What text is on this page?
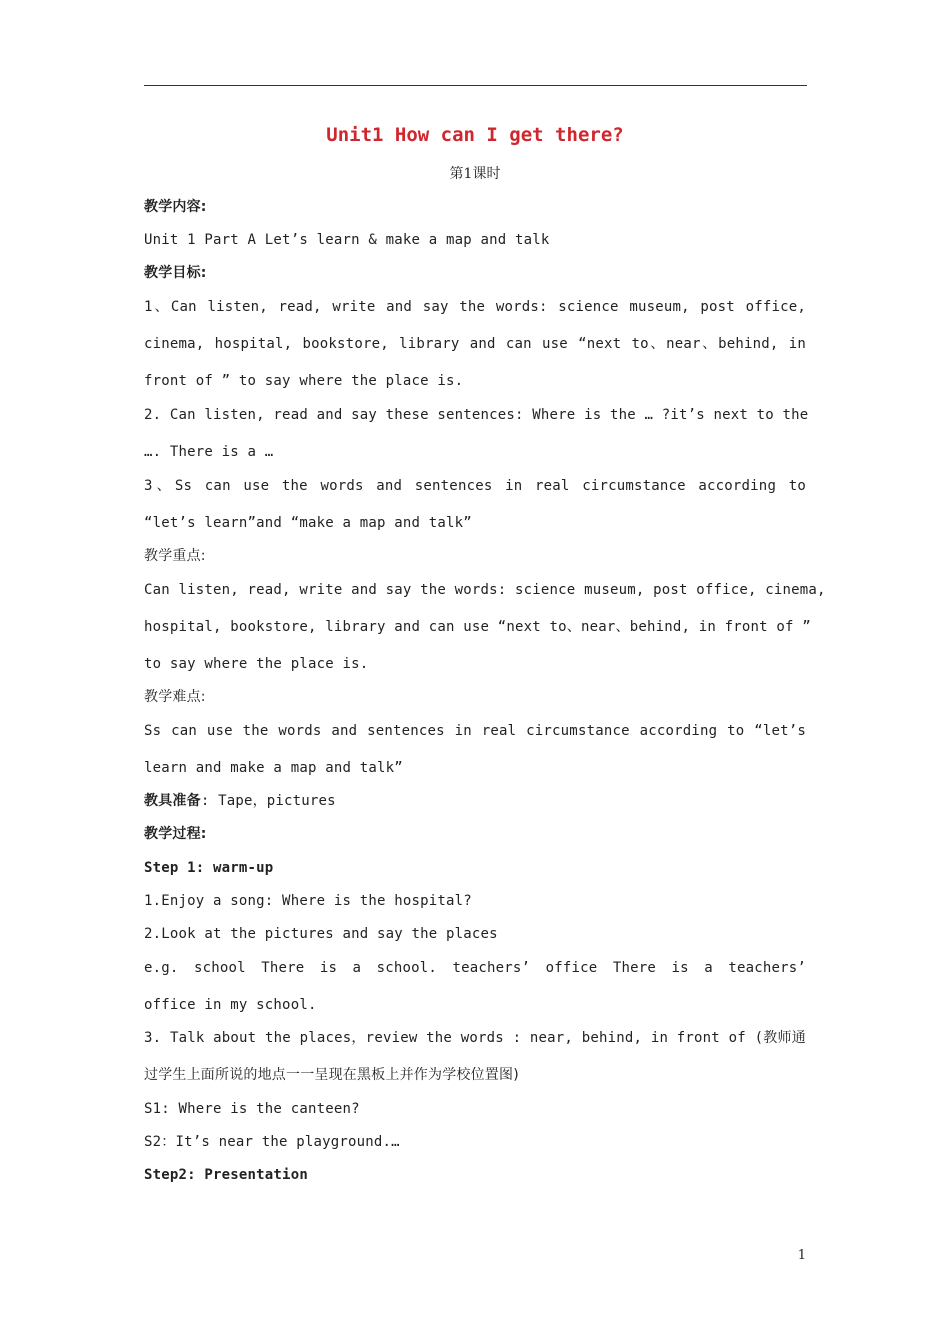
Unit1 How can I get there?
第1课时
教学内容:
Unit 1 Part A Let’s learn & make a map and talk
教学目标:
1、Can listen, read, write and say the words: science museum, post office,
cinema, hospital, bookstore, library and can use “next to、near、behind, in
front of ” to say where the place is.
2. Can listen, read and say these sentences: Where is the … ?it’s next to the
…. There is a …
3、Ss can use the words and sentences in real circumstance according to
“let’s learn”and “make a map and talk”
教学重点:
Can listen, read, write and say the words: science museum, post office, cinema,
hospital, bookstore, library and can use “next to、near、behind, in front of ”
to say where the place is.
教学难点:
Ss can use the words and sentences in real circumstance according to “let’s
learn and make a map and talk”
教具准备: Tape，pictures
教学过程:
Step 1: warm-up
1.Enjoy a song: Where is the hospital?
2.Look at the pictures and say the places
e.g. school There is a school. teachers’ office There is a teachers’
office in my school.
3. Talk about the places，review the words : near, behind, in front of (教师通
过学生上面所说的地点一一呈现在黑板上并作为学校位置图)
S1: Where is the canteen?
S2：It’s near the playground.…
Step2: Presentation
1
